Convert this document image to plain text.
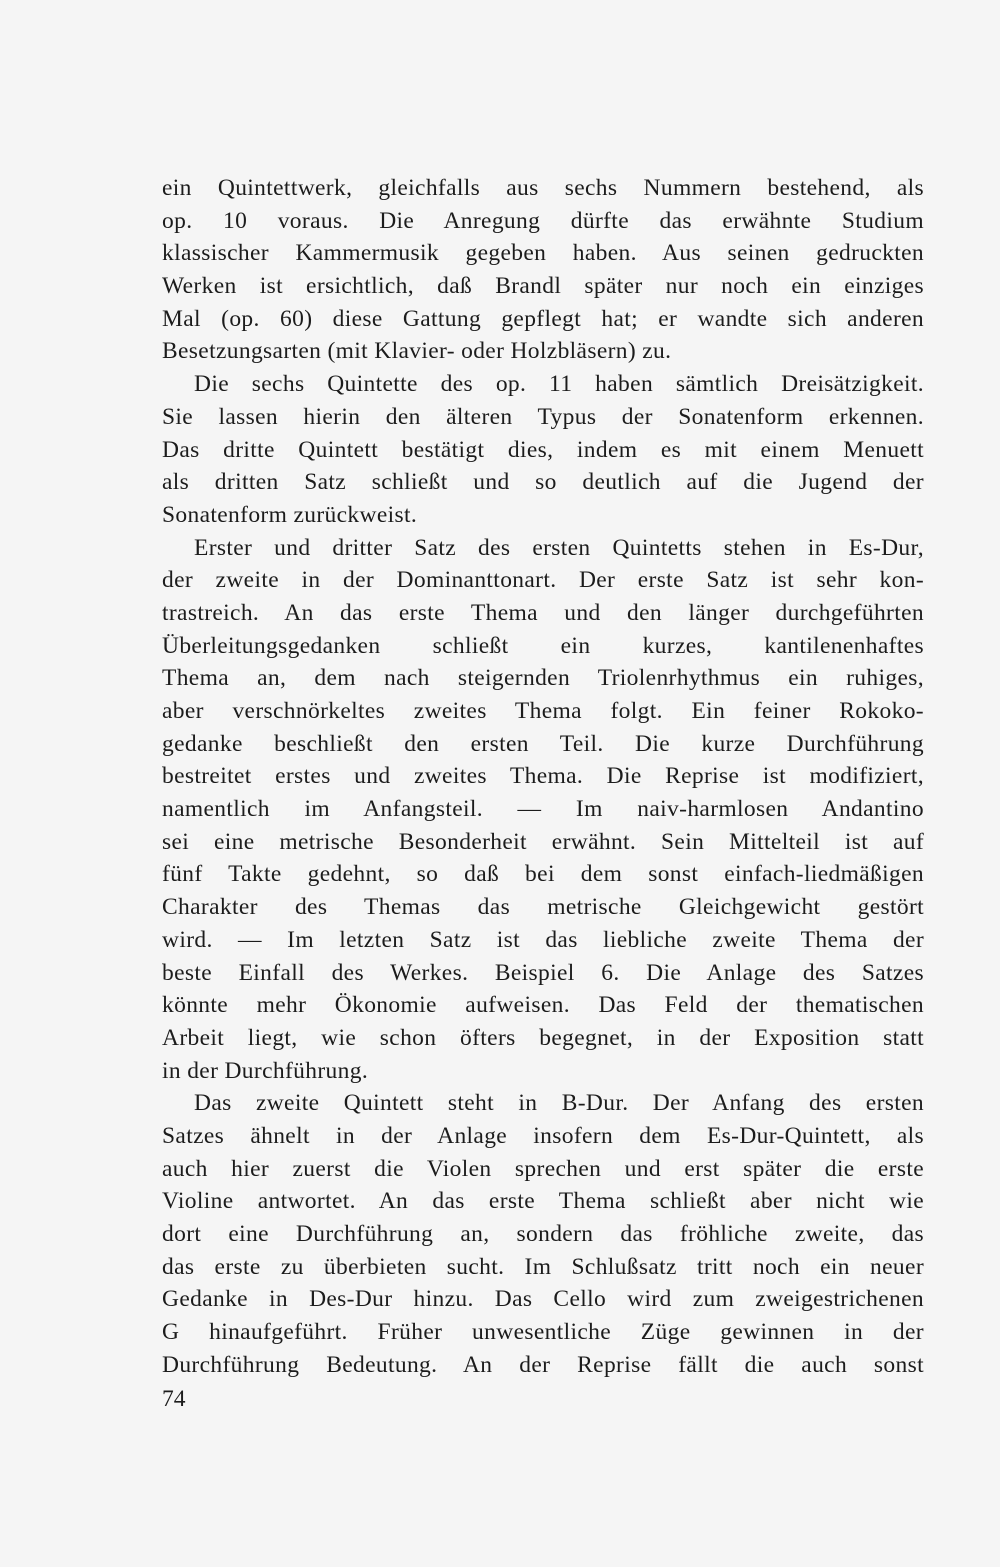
ein Quintettwerk, gleichfalls aus sechs Nummern bestehend, als
op. 10 voraus. Die Anregung dürfte das erwähnte Studium
klassischer Kammermusik gegeben haben. Aus seinen gedruckten
Werken ist ersichtlich, daß Brandl später nur noch ein einziges
Mal (op. 60) diese Gattung gepflegt hat; er wandte sich anderen
Besetzungsarten (mit Klavier- oder Holzbläsern) zu.
Die sechs Quintette des op. 11 haben sämtlich Dreisätzigkeit.
Sie lassen hierin den älteren Typus der Sonatenform erkennen.
Das dritte Quintett bestätigt dies, indem es mit einem Menuett
als dritten Satz schließt und so deutlich auf die Jugend der
Sonatenform zurückweist.
Erster und dritter Satz des ersten Quintetts stehen in Es-Dur,
der zweite in der Dominanttonart. Der erste Satz ist sehr kon-
trastreich. An das erste Thema und den länger durchgeführten
Überleitungsgedanken schließt ein kurzes, kantilenenhaftes
Thema an, dem nach steigernden Triolenrhythmus ein ruhiges,
aber verschnörkeltes zweites Thema folgt. Ein feiner Rokoko-
gedanke beschließt den ersten Teil. Die kurze Durchführung
bestreitet erstes und zweites Thema. Die Reprise ist modifiziert,
namentlich im Anfangsteil. — Im naiv-harmlosen Andantino
sei eine metrische Besonderheit erwähnt. Sein Mittelteil ist auf
fünf Takte gedehnt, so daß bei dem sonst einfach-liedmäßigen
Charakter des Themas das metrische Gleichgewicht gestört
wird. — Im letzten Satz ist das liebliche zweite Thema der
beste Einfall des Werkes. Beispiel 6. Die Anlage des Satzes
könnte mehr Ökonomie aufweisen. Das Feld der thematischen
Arbeit liegt, wie schon öfters begegnet, in der Exposition statt
in der Durchführung.
Das zweite Quintett steht in B-Dur. Der Anfang des ersten
Satzes ähnelt in der Anlage insofern dem Es-Dur-Quintett, als
auch hier zuerst die Violen sprechen und erst später die erste
Violine antwortet. An das erste Thema schließt aber nicht wie
dort eine Durchführung an, sondern das fröhliche zweite, das
das erste zu überbieten sucht. Im Schlußsatz tritt noch ein neuer
Gedanke in Des-Dur hinzu. Das Cello wird zum zweigestrichenen
G hinaufgeführt. Früher unwesentliche Züge gewinnen in der
Durchführung Bedeutung. An der Reprise fällt die auch sonst
74
